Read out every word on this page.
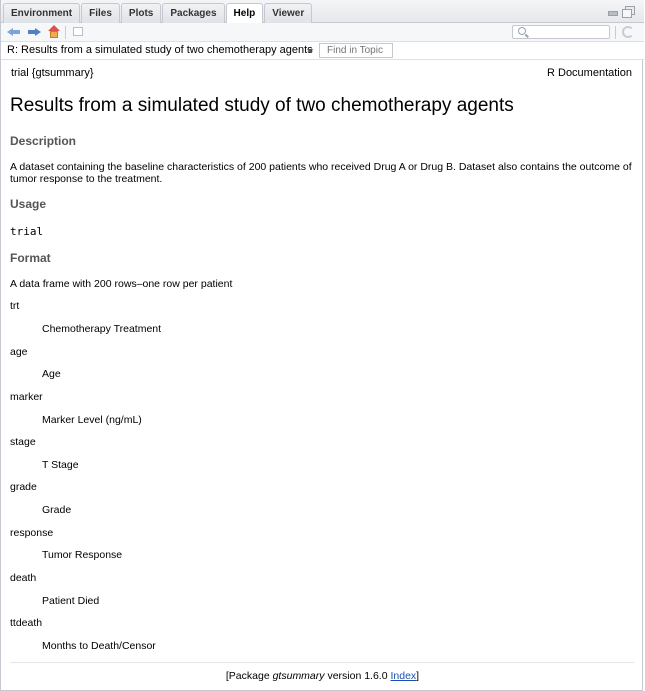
Environment	Files	Plots	Packages	Help	Viewer
R: Results from a simulated study of two chemotherapy agents
Find in Topic
trial {gtsummary}	R Documentation
Results from a simulated study of two chemotherapy agents
Description

A dataset containing the baseline characteristics of 200 patients who received Drug A or Drug B. Dataset also contains the outcome of tumor response to the treatment.

Usage
trial
Format

A data frame with 200 rows–one row per patient

trt
Chemotherapy Treatment
age
Age
marker
Marker Level (ng/mL)
stage
T Stage
grade
Grade
response
Tumor Response
death
Patient Died
ttdeath
Months to Death/Censor
[Package gtsummary version 1.6.0 Index]
